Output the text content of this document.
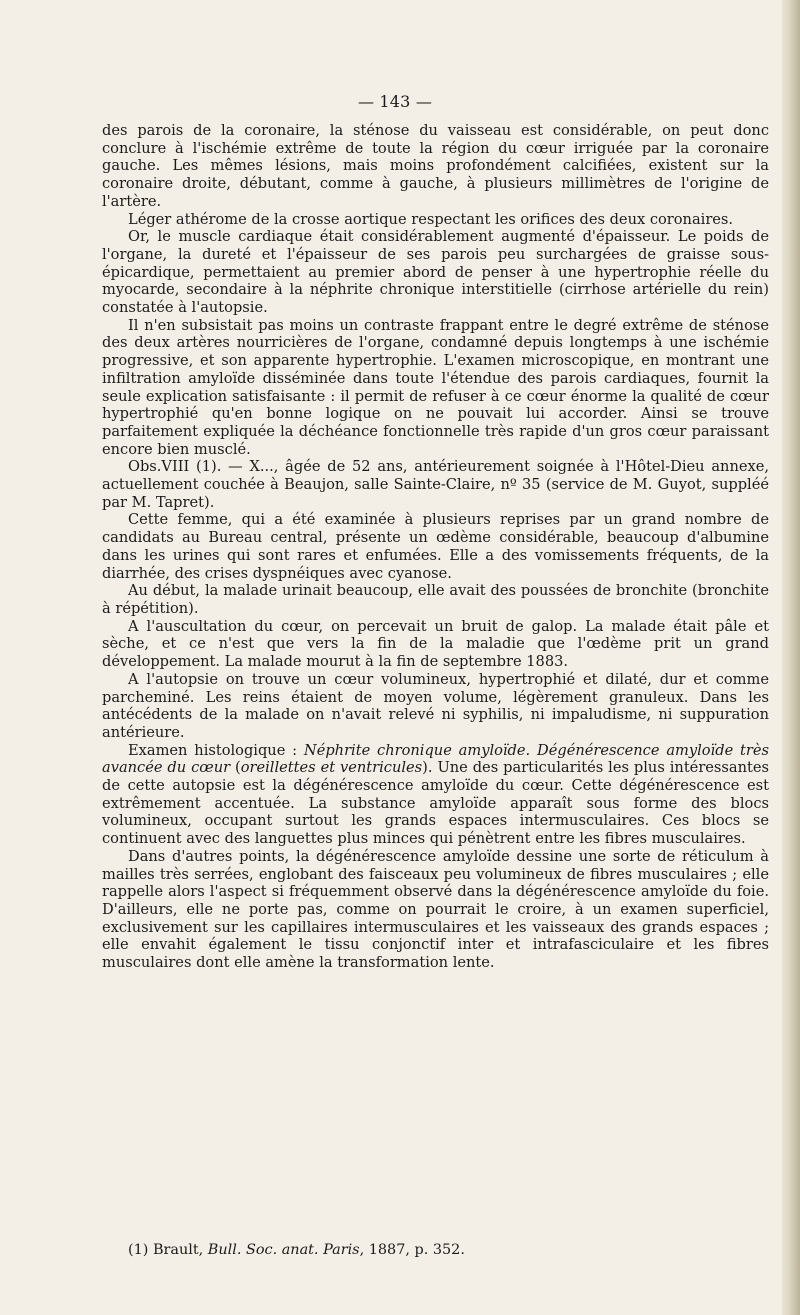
— 143 —

des parois de la coronaire, la sténose du vaisseau est considérable, on peut donc conclure à l'ischémie extrême de toute la région du cœur irriguée par la coronaire gauche. Les mêmes lésions, mais moins profondément calcifiées, existent sur la coronaire droite, débutant, comme à gauche, à plusieurs millimètres de l'origine de l'artère.

Léger athérome de la crosse aortique respectant les orifices des deux coronaires.

Or, le muscle cardiaque était considérablement augmenté d'épaisseur. Le poids de l'organe, la dureté et l'épaisseur de ses parois peu surchargées de graisse sous-épicardique, permettaient au premier abord de penser à une hypertrophie réelle du myocarde, secondaire à la néphrite chronique interstitielle (cirrhose artérielle du rein) constatée à l'autopsie.

Il n'en subsistait pas moins un contraste frappant entre le degré extrême de sténose des deux artères nourricières de l'organe, condamné depuis longtemps à une ischémie progressive, et son apparente hypertrophie. L'examen microscopique, en montrant une infiltration amyloïde disséminée dans toute l'étendue des parois cardiaques, fournit la seule explication satisfaisante : il permit de refuser à ce cœur énorme la qualité de cœur hypertrophié qu'en bonne logique on ne pouvait lui accorder. Ainsi se trouve parfaitement expliquée la déchéance fonctionnelle très rapide d'un gros cœur paraissant encore bien musclé.

Obs.VIII (1). — X..., âgée de 52 ans, antérieurement soignée à l'Hôtel-Dieu annexe, actuellement couchée à Beaujon, salle Sainte-Claire, nº 35 (service de M. Guyot, suppléé par M. Tapret).

Cette femme, qui a été examinée à plusieurs reprises par un grand nombre de candidats au Bureau central, présente un œdème considérable, beaucoup d'albumine dans les urines qui sont rares et enfumées. Elle a des vomissements fréquents, de la diarrhée, des crises dyspnéiques avec cyanose.

Au début, la malade urinait beaucoup, elle avait des poussées de bronchite (bronchite à répétition).

A l'auscultation du cœur, on percevait un bruit de galop. La malade était pâle et sèche, et ce n'est que vers la fin de la maladie que l'œdème prit un grand développement. La malade mourut à la fin de septembre 1883.

A l'autopsie on trouve un cœur volumineux, hypertrophié et dilaté, dur et comme parcheminé. Les reins étaient de moyen volume, légèrement granuleux. Dans les antécédents de la malade on n'avait relevé ni syphilis, ni impaludisme, ni suppuration antérieure.

Examen histologique : Néphrite chronique amyloïde. Dégénérescence amyloïde très avancée du cœur (oreillettes et ventricules). Une des particularités les plus intéressantes de cette autopsie est la dégénérescence amyloïde du cœur. Cette dégénérescence est extrêmement accentuée. La substance amyloïde apparaît sous forme des blocs volumineux, occupant surtout les grands espaces intermusculaires. Ces blocs se continuent avec des languettes plus minces qui pénètrent entre les fibres musculaires.

Dans d'autres points, la dégénérescence amyloïde dessine une sorte de réticulum à mailles très serrées, englobant des faisceaux peu volumineux de fibres musculaires ; elle rappelle alors l'aspect si fréquemment observé dans la dégénérescence amyloïde du foie. D'ailleurs, elle ne porte pas, comme on pourrait le croire, à un examen superficiel, exclusivement sur les capillaires intermusculaires et les vaisseaux des grands espaces ; elle envahit également le tissu conjonctif inter et intrafasciculaire et les fibres musculaires dont elle amène la transformation lente.

(1) Brault, Bull. Soc. anat. Paris, 1887, p. 352.
